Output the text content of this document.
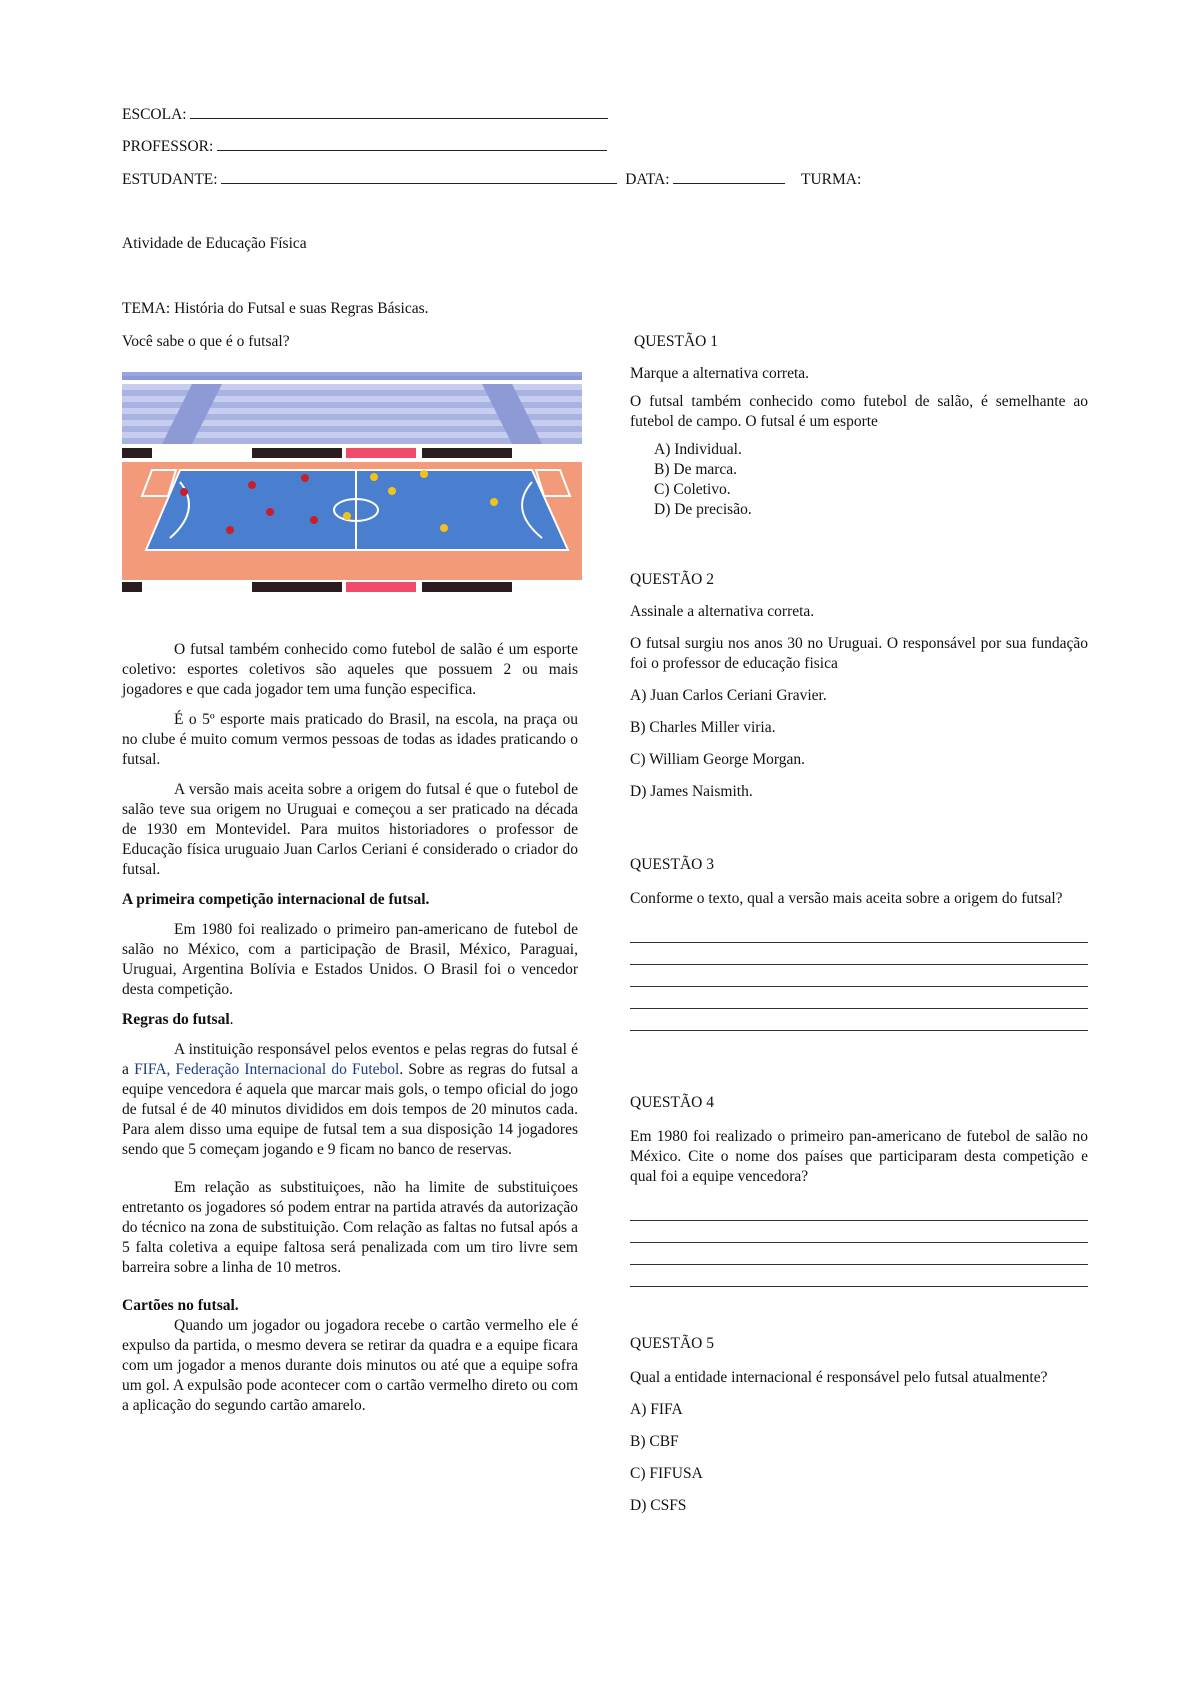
ESCOLA:
PROFESSOR:
ESTUDANTE:	DATA:	TURMA:
Atividade de Educação Física
TEMA: História do Futsal e suas Regras Básicas.
Você sabe o que é o futsal?

O futsal também conhecido como futebol de salão é um esporte coletivo: esportes coletivos são aqueles que possuem 2 ou mais jogadores e que cada jogador tem uma função especifica.

É o 5º esporte mais praticado do Brasil, na escola, na praça ou no clube é muito comum vermos pessoas de todas as idades praticando o futsal.

A versão mais aceita sobre a origem do futsal é que o futebol de salão teve sua origem no Uruguai e começou a ser praticado na década de 1930 em Montevidel. Para muitos historiadores o professor de Educação física uruguaio Juan Carlos Ceriani é considerado o criador do futsal.

A primeira competição internacional de futsal.

Em 1980 foi realizado o primeiro pan-americano de futebol de salão no México, com a participação de Brasil, México, Paraguai, Uruguai, Argentina Bolívia e Estados Unidos. O Brasil foi o vencedor desta competição.

Regras do futsal.

A instituição responsável pelos eventos e pelas regras do futsal é a FIFA, Federação Internacional do Futebol. Sobre as regras do futsal a equipe vencedora é aquela que marcar mais gols, o tempo oficial do jogo de futsal é de 40 minutos divididos em dois tempos de 20 minutos cada. Para alem disso uma equipe de futsal tem a sua disposição 14 jogadores sendo que 5 começam jogando e 9 ficam no banco de reservas.

Em relação as substituiçoes, não ha limite de substituiçoes entretanto os jogadores só podem entrar na partida através da autorização do técnico na zona de substituição. Com relação as faltas no futsal após a 5 falta coletiva a equipe faltosa será penalizada com um tiro livre sem barreira sobre a linha de 10 metros.

Cartões no futsal.

Quando um jogador ou jogadora recebe o cartão vermelho ele é expulso da partida, o mesmo devera se retirar da quadra e a equipe ficara com um jogador a menos durante dois minutos ou até que a equipe sofra um gol. A expulsão pode acontecer com o cartão vermelho direto ou com a aplicação do segundo cartão amarelo.

QUESTÃO 1

Marque a alternativa correta.

O futsal também conhecido como futebol de salão, é semelhante ao futebol de campo. O futsal é um esporte

A) Individual.

B) De marca.

C) Coletivo.

D) De precisão.

QUESTÃO 2

Assinale a alternativa correta.

O futsal surgiu nos anos 30 no Uruguai. O responsável por sua fundação foi o professor de educação fisica

A) Juan Carlos Ceriani Gravier.

B) Charles Miller viria.

C) William George Morgan.

D) James Naismith.

QUESTÃO 3

Conforme o texto, qual a versão mais aceita sobre a origem do futsal?

QUESTÃO 4

Em 1980 foi realizado o primeiro pan-americano de futebol de salão no México. Cite o nome dos países que participaram desta competição e qual foi a equipe vencedora?

QUESTÃO 5

Qual a entidade internacional é responsável pelo futsal atualmente?

A) FIFA

B) CBF

C) FIFUSA

D) CSFS
